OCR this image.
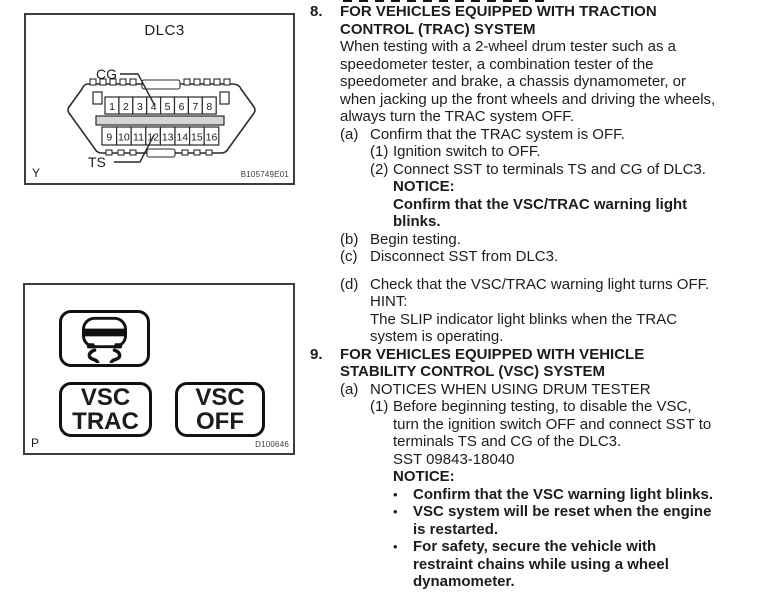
DLC3
1 2 3 4 5 6 7 8
9 10 11 12 13 14 15 16
CG
TS
Y	B105749E01
VSC
TRAC
VSC
OFF
P	D100646
8.	FOR VEHICLES EQUIPPED WITH TRACTION
CONTROL (TRAC) SYSTEM
When testing with a 2-wheel drum tester such as a
speedometer tester, a combination tester of the
speedometer and brake, a chassis dynamometer, or
when jacking up the front wheels and driving the wheels,
always turn the TRAC system OFF.
(a) Confirm that the TRAC system is OFF.
(1) Ignition switch to OFF.
(2) Connect SST to terminals TS and CG of DLC3.
NOTICE:
Confirm that the VSC/TRAC warning light
blinks.
(b) Begin testing.
(c) Disconnect SST from DLC3.
(d) Check that the VSC/TRAC warning light turns OFF.
HINT:
The SLIP indicator light blinks when the TRAC
system is operating.
9.	FOR VEHICLES EQUIPPED WITH VEHICLE
STABILITY CONTROL (VSC) SYSTEM
(a) NOTICES WHEN USING DRUM TESTER
(1) Before beginning testing, to disable the VSC,
turn the ignition switch OFF and connect SST to
terminals TS and CG of the DLC3.
SST 09843-18040
NOTICE:
•	Confirm that the VSC warning light blinks.
•	VSC system will be reset when the engine
is restarted.
•	For safety, secure the vehicle with
restraint chains while using a wheel
dynamometer.
